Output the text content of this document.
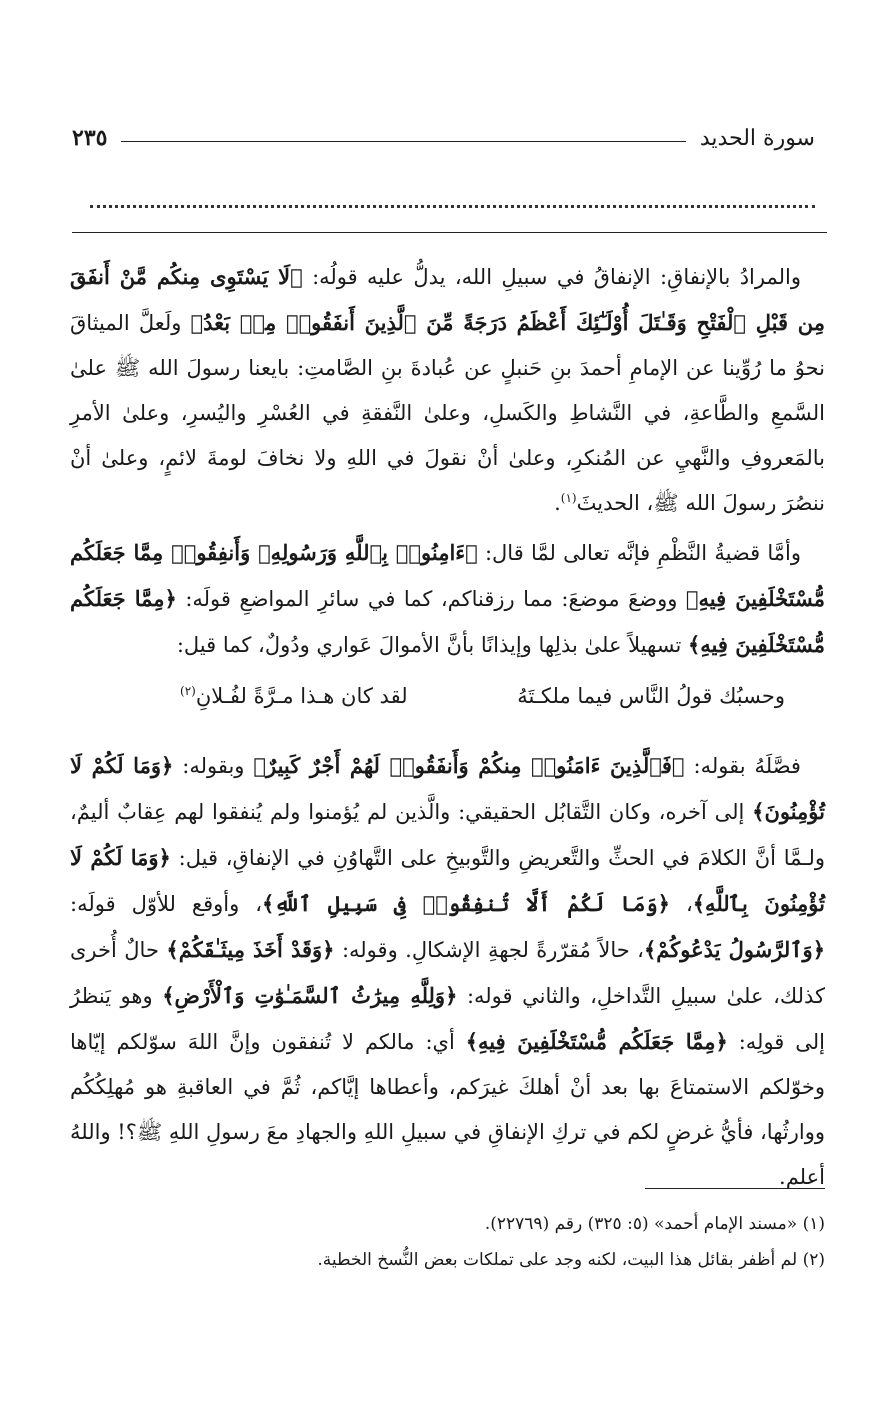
سورة الحديد
٢٣٥

والمرادُ بالإنفاقِ: الإنفاقُ في سبيلِ الله، يدلُّ عليه قولُه: ﴿لَا يَسْتَوِى مِنكُم مَّنْ أَنفَقَ مِن قَبْلِ ٱلْفَتْحِ وَقَـٰتَلَ أُوْلَـٰٓئِكَ أَعْظَمُ دَرَجَةً مِّنَ ٱلَّذِينَ أَنفَقُوا۟ مِنۢ بَعْدُ﴾ ولَعلَّ الميثاقَ نحوُ ما رُوِّينا عن الإمامِ أحمدَ بنِ حَنبلٍ عن عُبادةَ بنِ الصَّامتِ: بايعنا رسولَ الله ﷺ علىٰ السَّمعِ والطَّاعةِ، في النَّشاطِ والكَسلِ، وعلىٰ النَّفقةِ في العُسْرِ واليُسرِ، وعلىٰ الأمرِ بالمَعروفِ والنَّهيِ عن المُنكرِ، وعلىٰ أنْ نقولَ في اللهِ ولا نخافَ لومةَ لائمٍ، وعلىٰ أنْ ننصُرَ رسولَ الله ﷺ، الحديثَ$^{(١)}$.

وأمَّا قضيةُ النَّظْمِ فإنَّه تعالى لمَّا قال: ﴿ءَامِنُوا۟ بِٱللَّهِ وَرَسُولِهِۦ وَأَنفِقُوا۟ مِمَّا جَعَلَكُم مُّسْتَخْلَفِينَ فِيهِ﴾ ووضعَ موضعَ: مما رزقناكم، كما في سائرِ المواضعِ قولَه: ﴿مِمَّا جَعَلَكُم مُّسْتَخْلَفِينَ فِيهِ﴾ تسهيلاً علىٰ بذلِها وإيذانًا بأنَّ الأموالَ عَواري ودُولٌ، كما قيل:

وحسبُك قولُ النَّاس فيما ملكـتَهُ
لقد كان هـذا مـرَّةً لفُـلانِ$^{(٢)}$

فصَّلَهُ بقوله: ﴿فَٱلَّذِينَ ءَامَنُوا۟ مِنكُمْ وَأَنفَقُوا۟ لَهُمْ أَجْرٌ كَبِيرٌ﴾ وبقوله: ﴿وَمَا لَكُمْ لَا تُؤْمِنُونَ﴾ إلى آخره، وكان التَّقابُل الحقيقي: والَّذين لم يُؤمنوا ولم يُنفقوا لهم عِقابٌ أليمٌ، ولـمَّا أنَّ الكلامَ في الحثِّ والتَّعريضِ والتَّوبيخِ على التَّهاوُنِ في الإنفاقِ، قيل: ﴿وَمَا لَكُمْ لَا تُؤْمِنُونَ بِٱللَّهِ﴾، ﴿وَمَا لَكُمْ أَلَّا تُنفِقُوا۟ فِى سَبِيلِ ٱللَّهِ﴾، وأوقع للأوّل قولَه: ﴿وَٱلرَّسُولُ يَدْعُوكُمْ﴾، حالاً مُقرّرةً لجهةِ الإشكالِ. وقوله: ﴿وَقَدْ أَخَذَ مِيثَـٰقَكُمْ﴾ حالٌ أُخرى كذلك، علىٰ سبيلِ التَّداخلِ، والثاني قوله: ﴿وَلِلَّهِ مِيرَٰثُ ٱلسَّمَـٰوَٰتِ وَٱلْأَرْضِ﴾ وهو يَنظرُ إلى قولِه: ﴿مِمَّا جَعَلَكُم مُّسْتَخْلَفِينَ فِيهِ﴾ أي: مالكم لا تُنفقون وإنَّ اللهَ سوّلكم إيّاها وخوّلكم الاستمتاعَ بها بعد أنْ أهلكَ غيرَكم، وأعطاها إيَّاكم، ثُمَّ في العاقبةِ هو مُهلِكُكُم ووارثُها، فأيُّ غرضٍ لكم في تركِ الإنفاقِ في سبيلِ اللهِ والجهادِ معَ رسولِ اللهِ ﷺ؟! واللهُ أعلم.

(١) «مسند الإمام أحمد» (٥: ٣٢٥) رقم (٢٢٧٦٩).
(٢) لم أظفر بقائل هذا البيت، لكنه وجد على تملكات بعض النُّسخ الخطية.
